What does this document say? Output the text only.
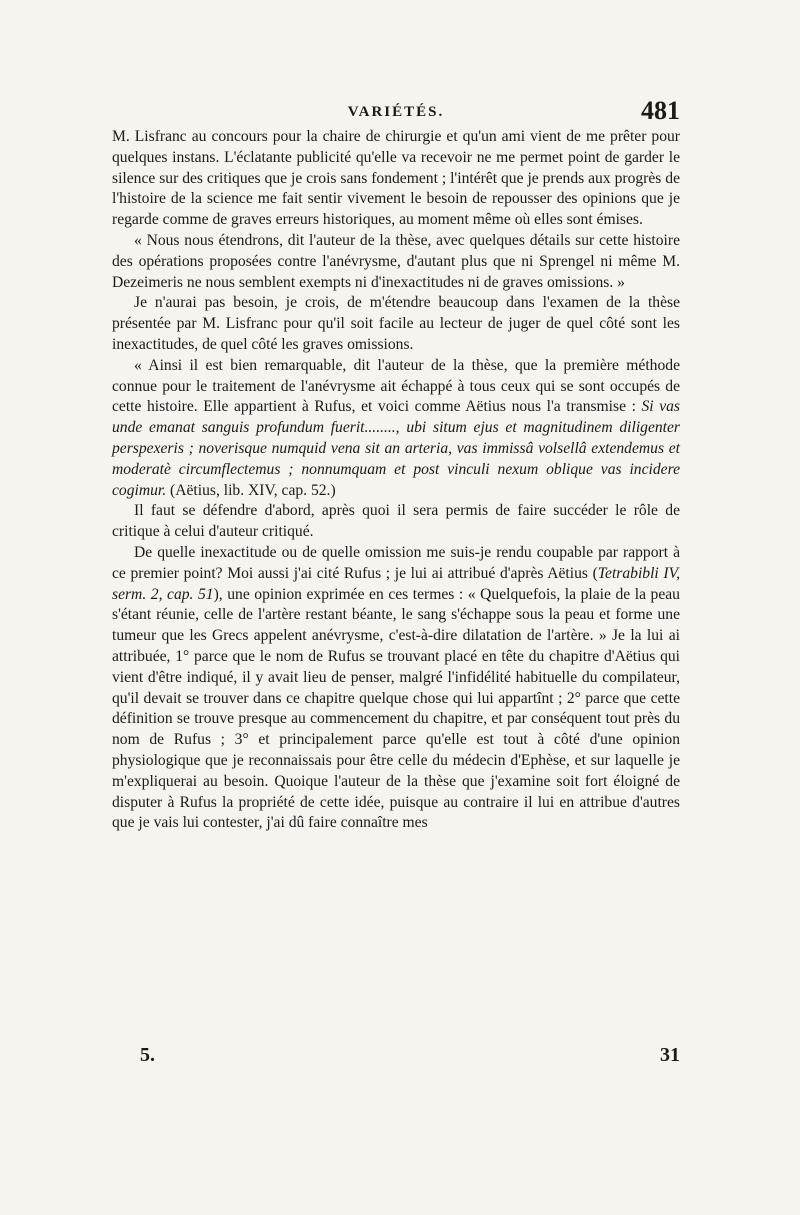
VARIÉTÉS.	481

M. Lisfranc au concours pour la chaire de chirurgie et qu'un ami vient de me prêter pour quelques instans. L'éclatante publicité qu'elle va recevoir ne me permet point de garder le silence sur des critiques que je crois sans fondement ; l'intérêt que je prends aux progrès de l'histoire de la science me fait sentir vivement le besoin de repousser des opinions que je regarde comme de graves erreurs historiques, au moment même où elles sont émises.

« Nous nous étendrons, dit l'auteur de la thèse, avec quelques détails sur cette histoire des opérations proposées contre l'anévrysme, d'autant plus que ni Sprengel ni même M. Dezeimeris ne nous semblent exempts ni d'inexactitudes ni de graves omissions. »

Je n'aurai pas besoin, je crois, de m'étendre beaucoup dans l'examen de la thèse présentée par M. Lisfranc pour qu'il soit facile au lecteur de juger de quel côté sont les inexactitudes, de quel côté les graves omissions.

« Ainsi il est bien remarquable, dit l'auteur de la thèse, que la première méthode connue pour le traitement de l'anévrysme ait échappé à tous ceux qui se sont occupés de cette histoire. Elle appartient à Rufus, et voici comme Aëtius nous l'a transmise : Si vas unde emanat sanguis profundum fuerit........, ubi situm ejus et magnitudinem diligenter perspexeris ; noverisque numquid vena sit an arteria, vas immissâ volsellâ extendemus et moderatè circumflectemus ; nonnumquam et post vinculi nexum oblique vas incidere cogimur. (Aëtius, lib. XIV, cap. 52.)

Il faut se défendre d'abord, après quoi il sera permis de faire succéder le rôle de critique à celui d'auteur critiqué.

De quelle inexactitude ou de quelle omission me suis-je rendu coupable par rapport à ce premier point? Moi aussi j'ai cité Rufus ; je lui ai attribué d'après Aëtius (Tetrabibli IV, serm. 2, cap. 51), une opinion exprimée en ces termes : « Quelquefois, la plaie de la peau s'étant réunie, celle de l'artère restant béante, le sang s'échappe sous la peau et forme une tumeur que les Grecs appelent anévrysme, c'est-à-dire dilatation de l'artère. » Je la lui ai attribuée, 1° parce que le nom de Rufus se trouvant placé en tête du chapitre d'Aëtius qui vient d'être indiqué, il y avait lieu de penser, malgré l'infidélité habituelle du compilateur, qu'il devait se trouver dans ce chapitre quelque chose qui lui appartînt ; 2° parce que cette définition se trouve presque au commencement du chapitre, et par conséquent tout près du nom de Rufus ; 3° et principalement parce qu'elle est tout à côté d'une opinion physiologique que je reconnaissais pour être celle du médecin d'Ephèse, et sur laquelle je m'expliquerai au besoin. Quoique l'auteur de la thèse que j'examine soit fort éloigné de disputer à Rufus la propriété de cette idée, puisque au contraire il lui en attribue d'autres que je vais lui contester, j'ai dû faire connaître mes

5.	31
